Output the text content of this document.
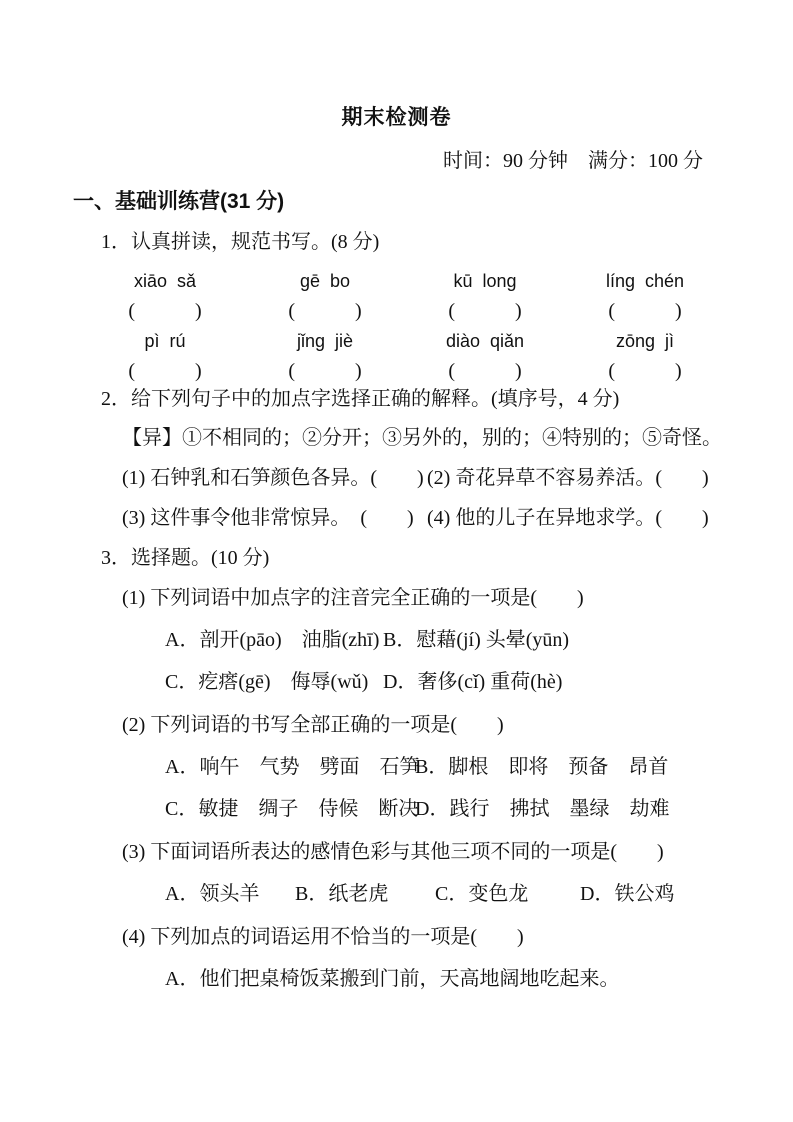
期末检测卷
时间：90 分钟　满分：100 分
一、基础训练营(31 分)
1．认真拼读，规范书写。(8 分)
xiāo  sǎ	gē  bo	kū  long	líng  chén
(　　　)	(　　　)	(　　　)	(　　　)
pì  rú	jǐng  jiè	diào  qiǎn	zōng  jì
(　　　)	(　　　)	(　　　)	(　　　)
2．给下列句子中的加点字选择正确的解释。(填序号，4 分)
【异】①不相同的；②分开；③另外的，别的；④特别的；⑤奇怪。
(1) 石钟乳和石笋颜色各异。(　　) (2) 奇花异草不容易养活。(　　)
(3) 这件事令他非常惊异。　(　　) (4) 他的儿子在异地求学。(　　)
3．选择题。(10 分)
(1) 下列词语中加点字的注音完全正确的一项是(　　)
A．剖开(pāo)　油脂(zhī) B．慰藉(jí) 头晕(yūn)
C．疙瘩(gē)　侮辱(wǔ) D．奢侈(cǐ) 重荷(hè)
(2) 下列词语的书写全部正确的一项是(　　)
A．响午　气势　劈面　石笋
B．脚根　即将　预备　昂首
C．敏捷　绸子　侍候　断决
D．践行　拂拭　墨绿　劫难
(3) 下面词语所表达的感情色彩与其他三项不同的一项是(　　)
A．领头羊	B．纸老虎	C．变色龙	D．铁公鸡
(4) 下列加点的词语运用不恰当的一项是(　　)
A．他们把桌椅饭菜搬到门前，天高地阔地吃起来。
